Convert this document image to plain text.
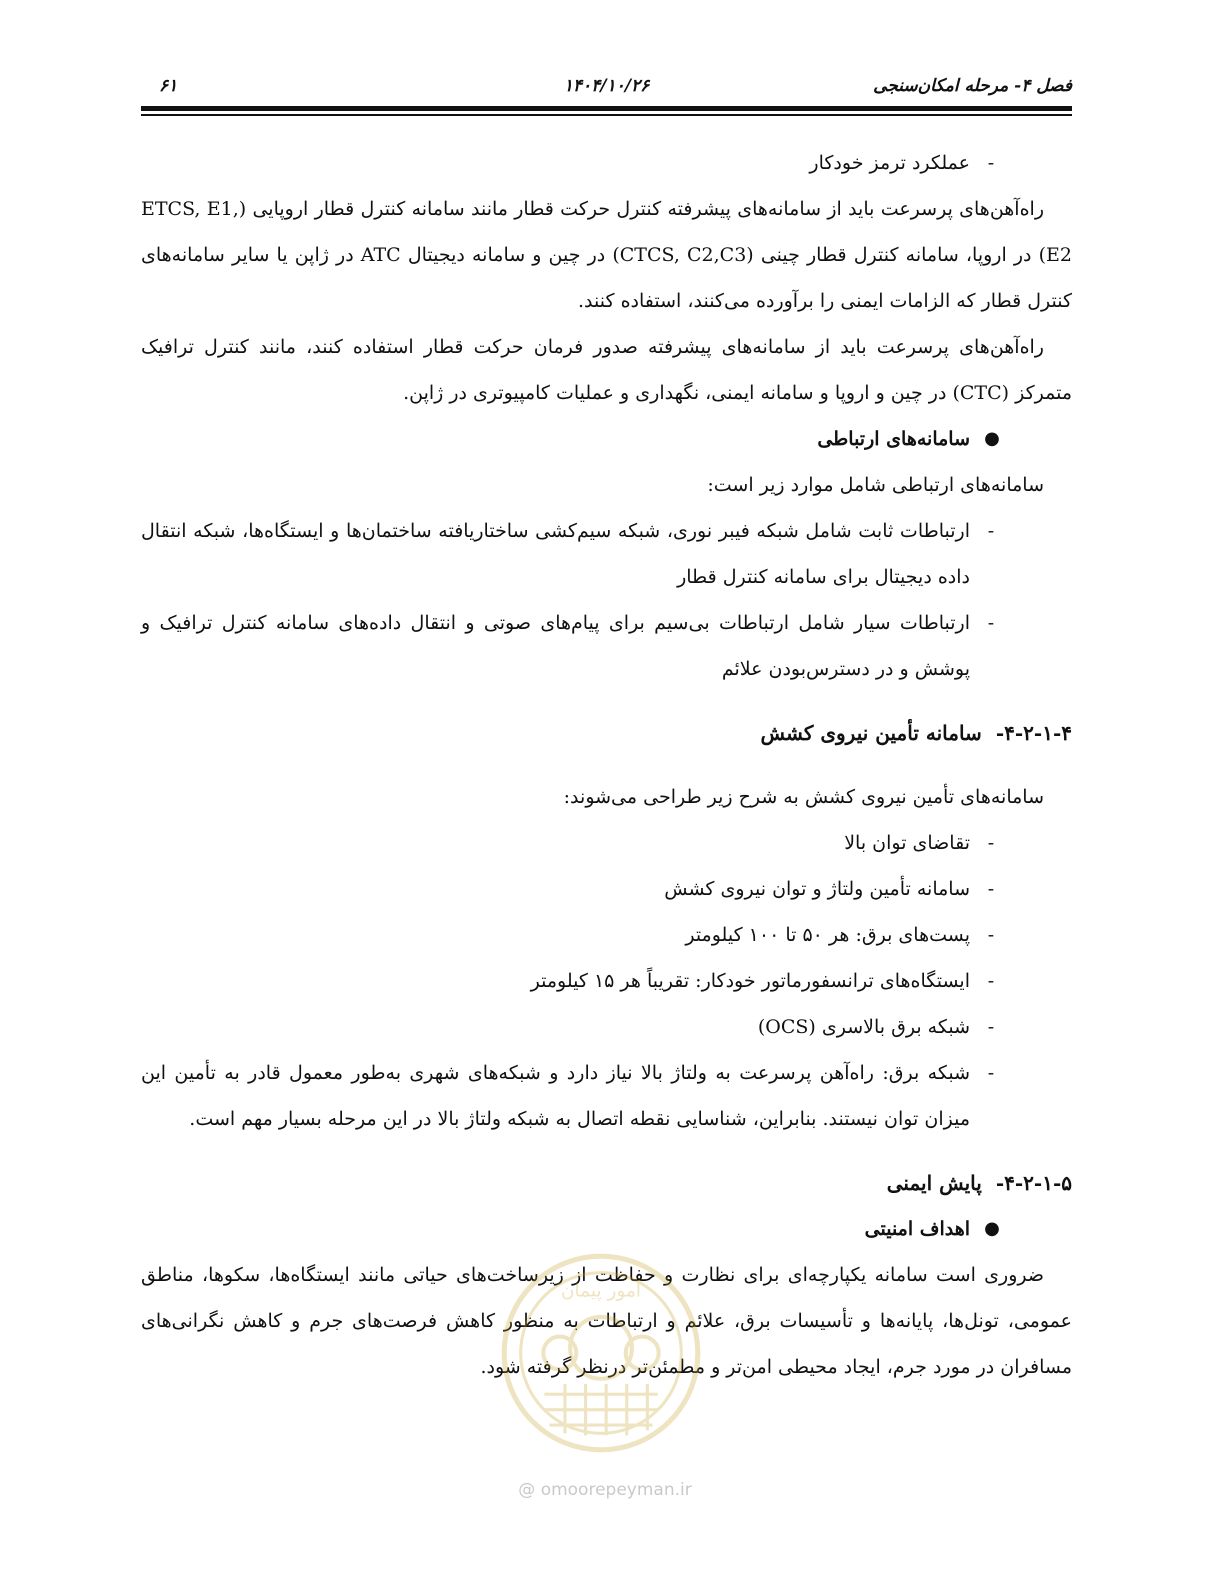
فصل ۴- مرحله امکان‌سنجی
۱۴۰۴/۱۰/۲۶
۶۱

-
عملکرد ترمز خودکار

راه‌آهن‌های پرسرعت باید از سامانه‌های پیشرفته کنترل حرکت قطار مانند سامانه کنترل قطار اروپایی (ETCS, E1, E2) در اروپا، سامانه کنترل قطار چینی (CTCS, C2,C3) در چین و سامانه دیجیتال ATC در ژاپن یا سایر سامانه‌های کنترل قطار که الزامات ایمنی را برآورده می‌کنند، استفاده کنند.

راه‌آهن‌های پرسرعت باید از سامانه‌های پیشرفته صدور فرمان حرکت قطار استفاده کنند، مانند کنترل ترافیک متمرکز (CTC) در چین و اروپا و سامانه ایمنی، نگهداری و عملیات کامپیوتری در ژاپن.

●
سامانه‌های ارتباطی

سامانه‌های ارتباطی شامل موارد زیر است:

-
ارتباطات ثابت شامل شبکه فیبر نوری، شبکه سیم‌کشی ساختاریافته ساختمان‌ها و ایستگاه‌ها، شبکه انتقال داده دیجیتال برای سامانه کنترل قطار

-
ارتباطات سیار شامل ارتباطات بی‌سیم برای پیام‌های صوتی و انتقال داده‌های سامانه کنترل ترافیک و پوشش و در دسترس‌بودن علائم

۴-۲-۱-۴-سامانه تأمین نیروی کشش

سامانه‌های تأمین نیروی کشش به شرح زیر طراحی می‌شوند:

-
تقاضای توان بالا

-
سامانه تأمین ولتاژ و توان نیروی کشش

-
پست‌های برق: هر ۵۰ تا ۱۰۰ کیلومتر

-
ایستگاه‌های ترانسفورماتور خودکار: تقریباً هر ۱۵ کیلومتر

-
شبکه برق بالاسری (OCS)

-
شبکه برق: راه‌آهن پرسرعت به ولتاژ بالا نیاز دارد و شبکه‌های شهری به‌طور معمول قادر به تأمین این میزان توان نیستند. بنابراین، شناسایی نقطه اتصال به شبکه ولتاژ بالا در این مرحله بسیار مهم است.

۴-۲-۱-۵-پایش ایمنی

●
اهداف امنیتی

ضروری است سامانه یکپارچه‌ای برای نظارت و حفاظت از زیرساخت‌های حیاتی مانند ایستگاه‌ها، سکوها، مناطق عمومی، تونل‌ها، پایانه‌ها و تأسیسات برق، علائم و ارتباطات به منظور کاهش فرصت‌های جرم و کاهش نگرانی‌های مسافران در مورد جرم، ایجاد محیطی امن‌تر و مطمئن‌تر درنظر گرفته شود.

امور پیمان
@ omoorepeyman.ir
